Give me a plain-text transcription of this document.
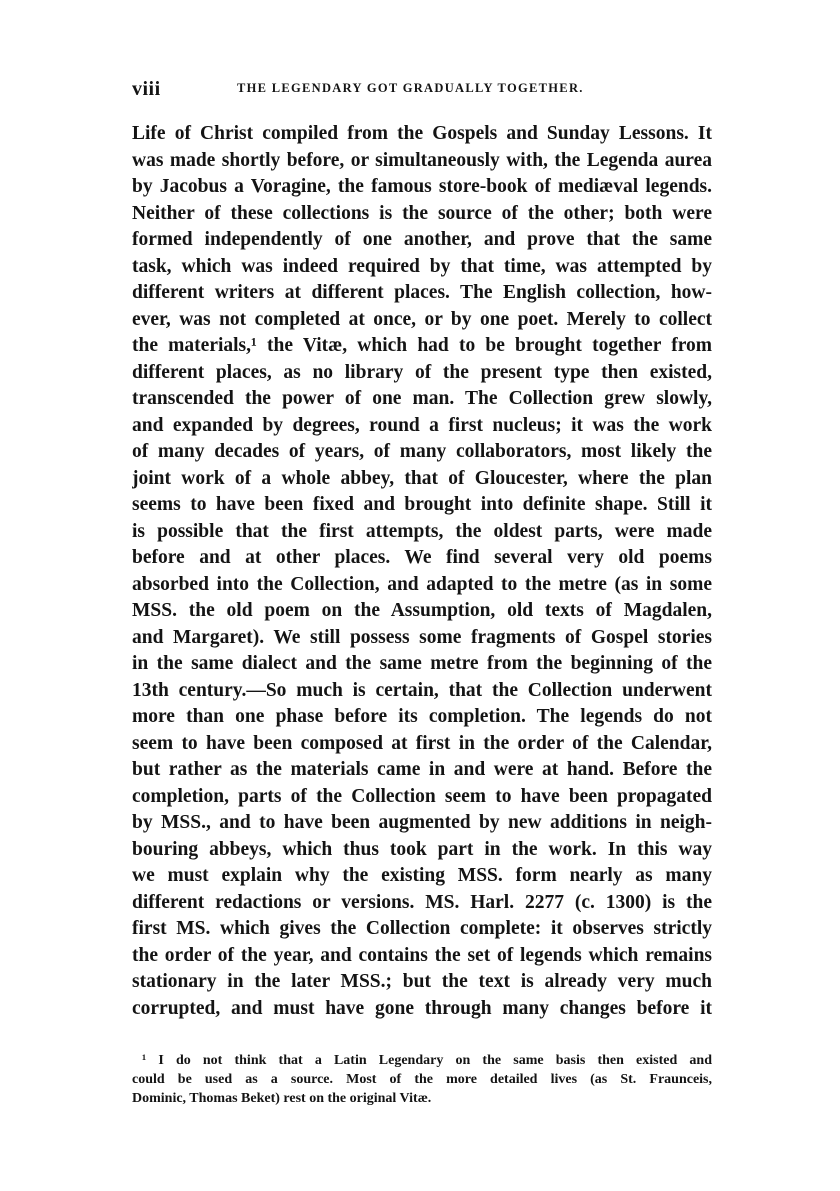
viii	THE LEGENDARY GOT GRADUALLY TOGETHER.
Life of Christ compiled from the Gospels and Sunday Lessons. It
was made shortly before, or simultaneously with, the Legenda aurea
by Jacobus a Voragine, the famous store-book of mediæval legends.
Neither of these collections is the source of the other; both were
formed independently of one another, and prove that the same
task, which was indeed required by that time, was attempted by
different writers at different places. The English collection, how-
ever, was not completed at once, or by one poet. Merely to collect
the materials,¹ the Vitæ, which had to be brought together from
different places, as no library of the present type then existed,
transcended the power of one man. The Collection grew slowly,
and expanded by degrees, round a first nucleus; it was the work
of many decades of years, of many collaborators, most likely the
joint work of a whole abbey, that of Gloucester, where the plan
seems to have been fixed and brought into definite shape. Still it
is possible that the first attempts, the oldest parts, were made
before and at other places. We find several very old poems
absorbed into the Collection, and adapted to the metre (as in some
MSS. the old poem on the Assumption, old texts of Magdalen,
and Margaret). We still possess some fragments of Gospel stories
in the same dialect and the same metre from the beginning of the
13th century.—So much is certain, that the Collection underwent
more than one phase before its completion. The legends do not
seem to have been composed at first in the order of the Calendar,
but rather as the materials came in and were at hand. Before the
completion, parts of the Collection seem to have been propagated
by MSS., and to have been augmented by new additions in neigh-
bouring abbeys, which thus took part in the work. In this way
we must explain why the existing MSS. form nearly as many
different redactions or versions. MS. Harl. 2277 (c. 1300) is the
first MS. which gives the Collection complete: it observes strictly
the order of the year, and contains the set of legends which remains
stationary in the later MSS.; but the text is already very much
corrupted, and must have gone through many changes before it
¹ I do not think that a Latin Legendary on the same basis then existed and
could be used as a source. Most of the more detailed lives (as St. Fraunceis,
Dominic, Thomas Beket) rest on the original Vitæ.
